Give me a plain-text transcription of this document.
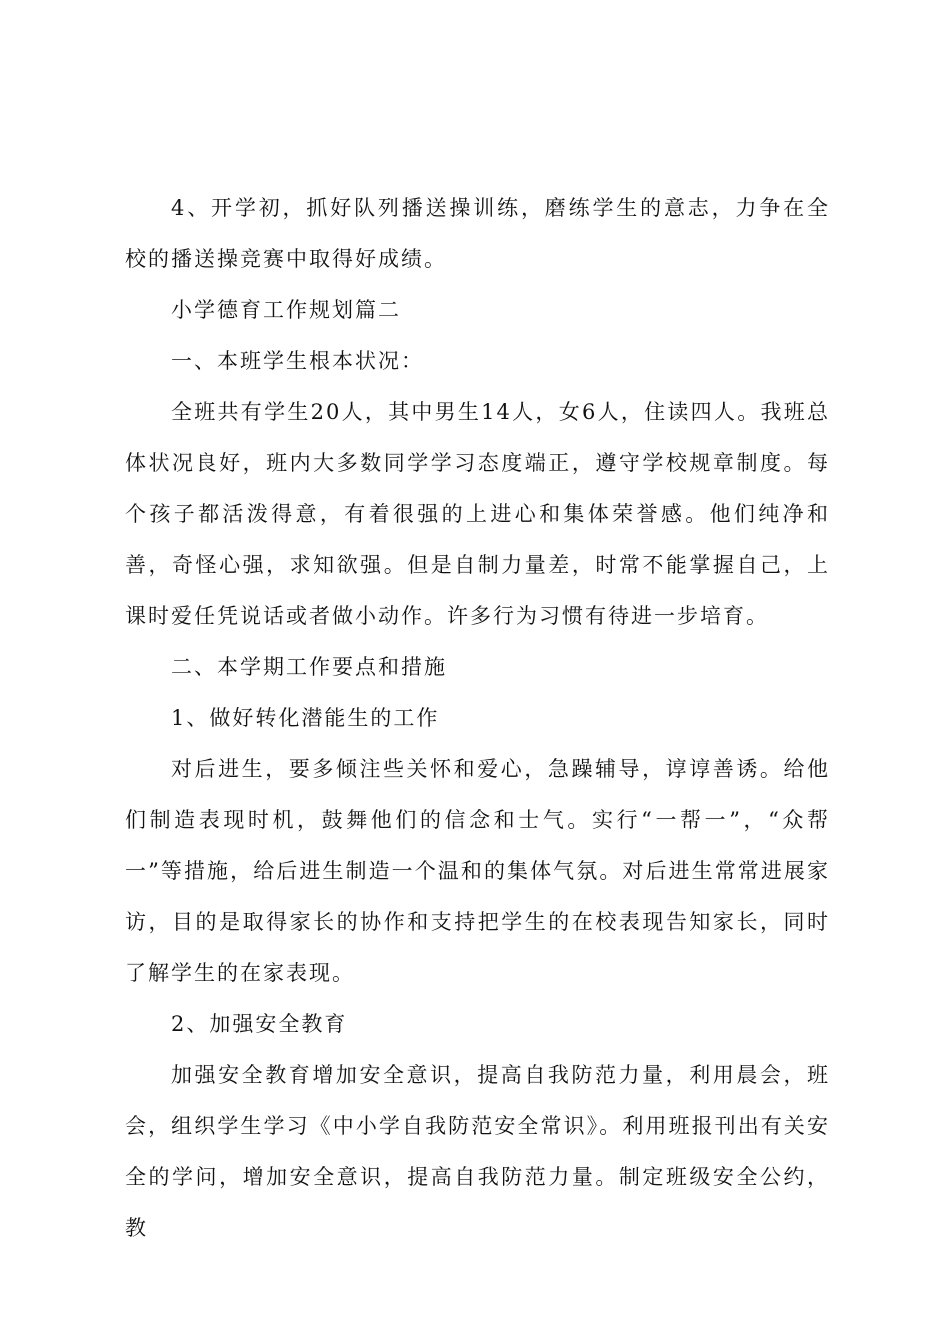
4、开学初，抓好队列播送操训练，磨练学生的意志，力争在全校的播送操竞赛中取得好成绩。

小学德育工作规划篇二

一、本班学生根本状况：

全班共有学生20人，其中男生14人，女6人，住读四人。我班总体状况良好，班内大多数同学学习态度端正，遵守学校规章制度。每个孩子都活泼得意，有着很强的上进心和集体荣誉感。他们纯净和善，奇怪心强，求知欲强。但是自制力量差，时常不能掌握自己，上课时爱任凭说话或者做小动作。许多行为习惯有待进一步培育。

二、本学期工作要点和措施

1、做好转化潜能生的工作

对后进生，要多倾注些关怀和爱心，急躁辅导，谆谆善诱。给他们制造表现时机，鼓舞他们的信念和士气。实行“一帮一”，“众帮一”等措施，给后进生制造一个温和的集体气氛。对后进生常常进展家访，目的是取得家长的协作和支持把学生的在校表现告知家长，同时了解学生的在家表现。

2、加强安全教育

加强安全教育增加安全意识，提高自我防范力量，利用晨会，班会，组织学生学习《中小学自我防范安全常识》。利用班报刊出有关安全的学问，增加安全意识，提高自我防范力量。制定班级安全公约，教
